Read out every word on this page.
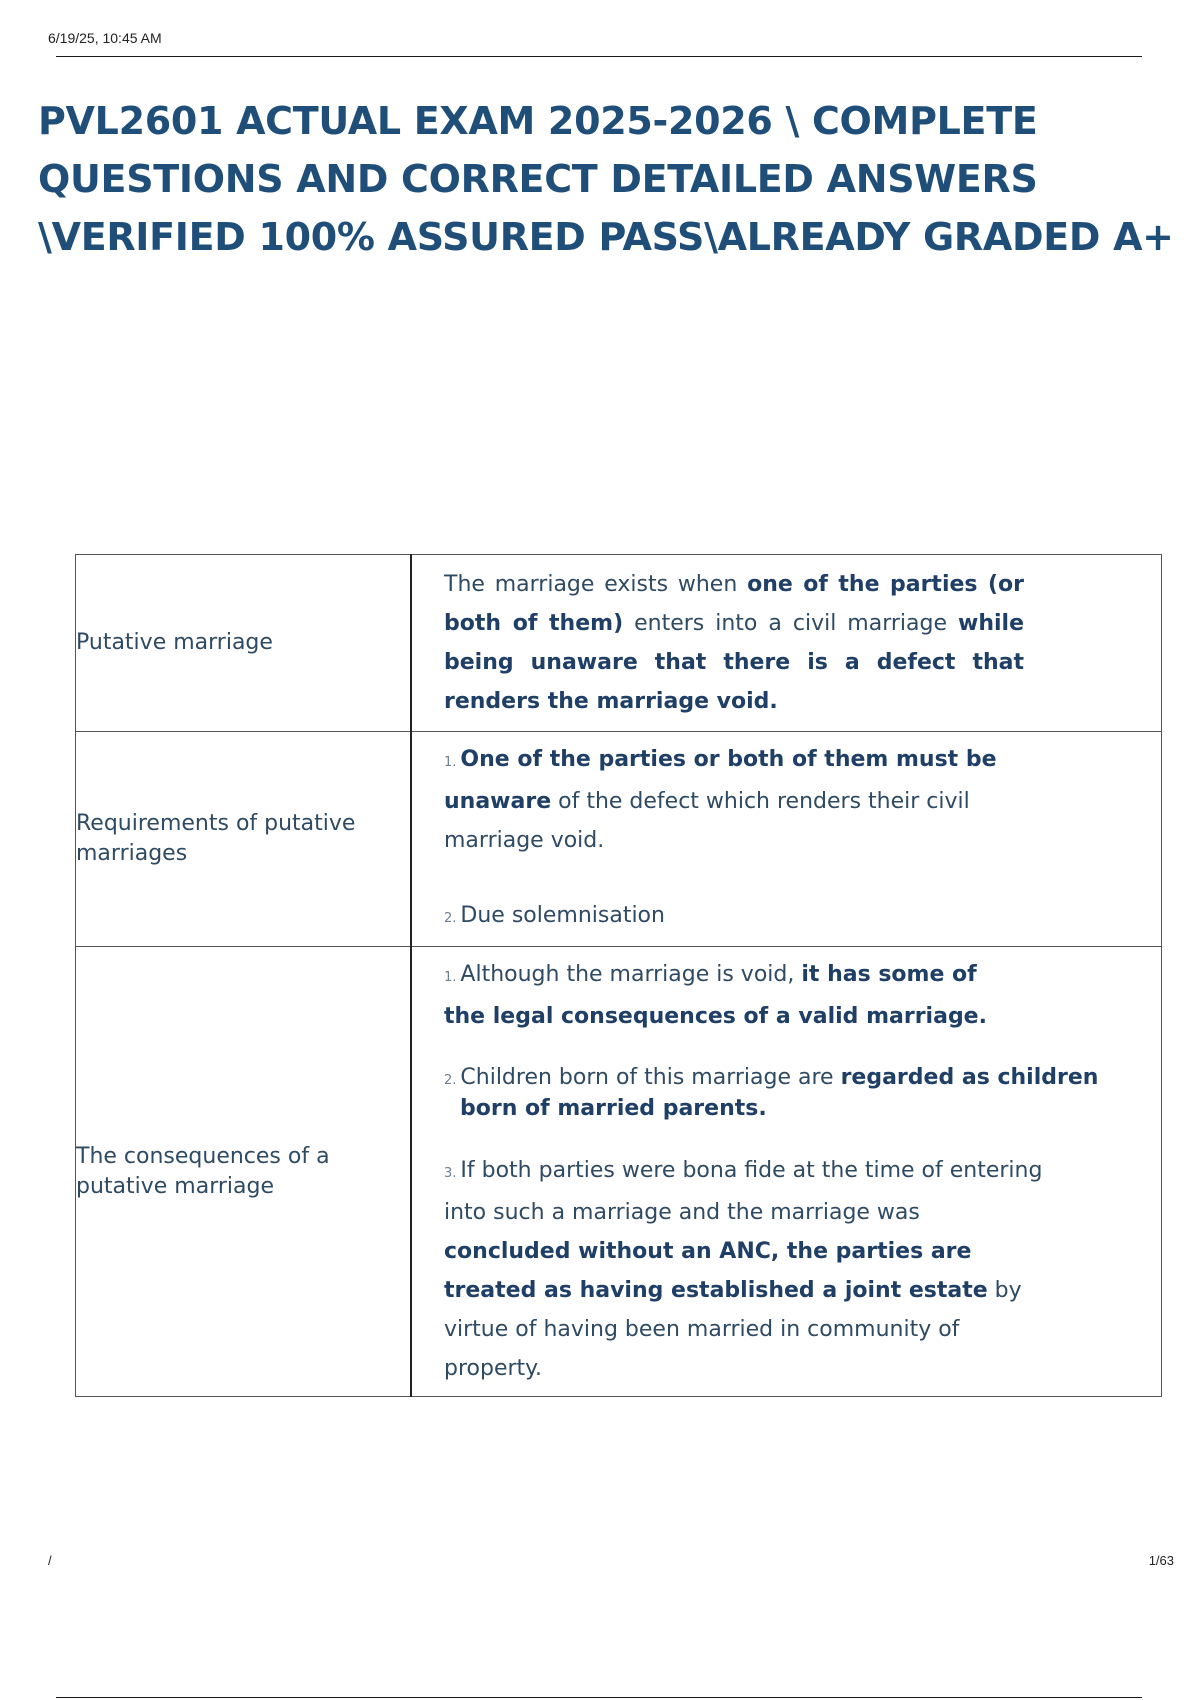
6/19/25, 10:45 AM
PVL2601 ACTUAL EXAM 2025-2026 \ COMPLETE QUESTIONS AND CORRECT DETAILED ANSWERS \VERIFIED 100% ASSURED PASS\ALREADY GRADED A+
Putative marriage	The marriage exists when one of the parties (or both of them) enters into a civil marriage while being unaware that there is a defect that renders the marriage void.

Requirements of putative marriages	1. One of the parties or both of them must be unaware of the defect which renders their civil marriage void.
2. Due solemnisation

The consequences of a putative marriage	1. Although the marriage is void, it has some of the legal consequences of a valid marriage.
2. Children born of this marriage are regarded as children born of married parents.
3. If both parties were bona fide at the time of entering into such a marriage and the marriage was concluded without an ANC, the parties are treated as having established a joint estate by virtue of having been married in community of property.
/	1/63
